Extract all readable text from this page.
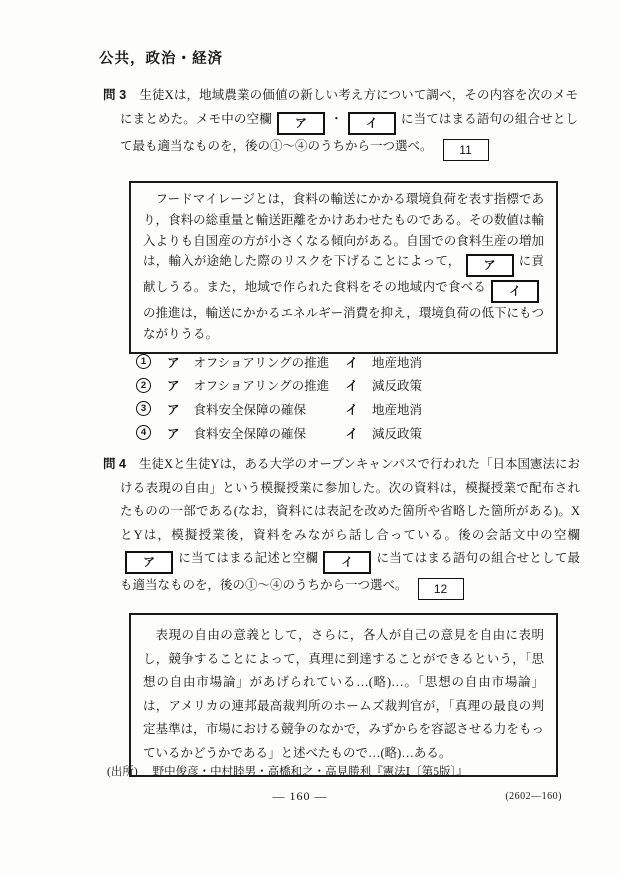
公共，政治・経済

問 3 生徒Xは，地域農業の価値の新しい考え方について調べ，その内容を次のメモにまとめた。メモ中の空欄 ア ・ イ に当てはまる語句の組合せとして最も適当なものを，後の①～④のうちから一つ選べ。 11

フードマイレージとは，食料の輸送にかかる環境負荷を表す指標であり，食料の総重量と輸送距離をかけあわせたものである。その数値は輸入よりも自国産の方が小さくなる傾向がある。自国での食料生産の増加は，輸入が途絶した際のリスクを下げることによって， ア に貢献しうる。また，地域で作られた食料をその地域内で食べる イの推進は，輸送にかかるエネルギー消費を抑え，環境負荷の低下にもつながりうる。

1	ア オフショアリングの推進	イ 地産地消
2	ア オフショアリングの推進	イ 減反政策
3	ア 食料安全保障の確保	イ 地産地消
4	ア 食料安全保障の確保	イ 減反政策

問 4 生徒Xと生徒Yは，ある大学のオープンキャンパスで行われた「日本国憲法における表現の自由」という模擬授業に参加した。次の資料は，模擬授業で配布されたものの一部である(なお，資料には表記を改めた箇所や省略した箇所がある)。XとYは，模擬授業後，資料をみながら話し合っている。後の会話文中の空欄ア に当てはまる記述と空欄 イ に当てはまる語句の組合せとして最も適当なものを，後の①～④のうちから一つ選べ。 12

表現の自由の意義として，さらに，各人が自己の意見を自由に表明し，競争することによって，真理に到達することができるという，「思想の自由市場論」があげられている…(略)…。「思想の自由市場論」は，アメリカの連邦最高裁判所のホームズ裁判官が，「真理の最良の判定基準は，市場における競争のなかで，みずからを容認させる力をもっているかどうかである」と述べたもので…(略)…ある。

(出所) 野中俊彦・中村睦男・高橋和之・高見勝利『憲法Ⅰ〔第5版〕』

— 160 —	(2602—160)
